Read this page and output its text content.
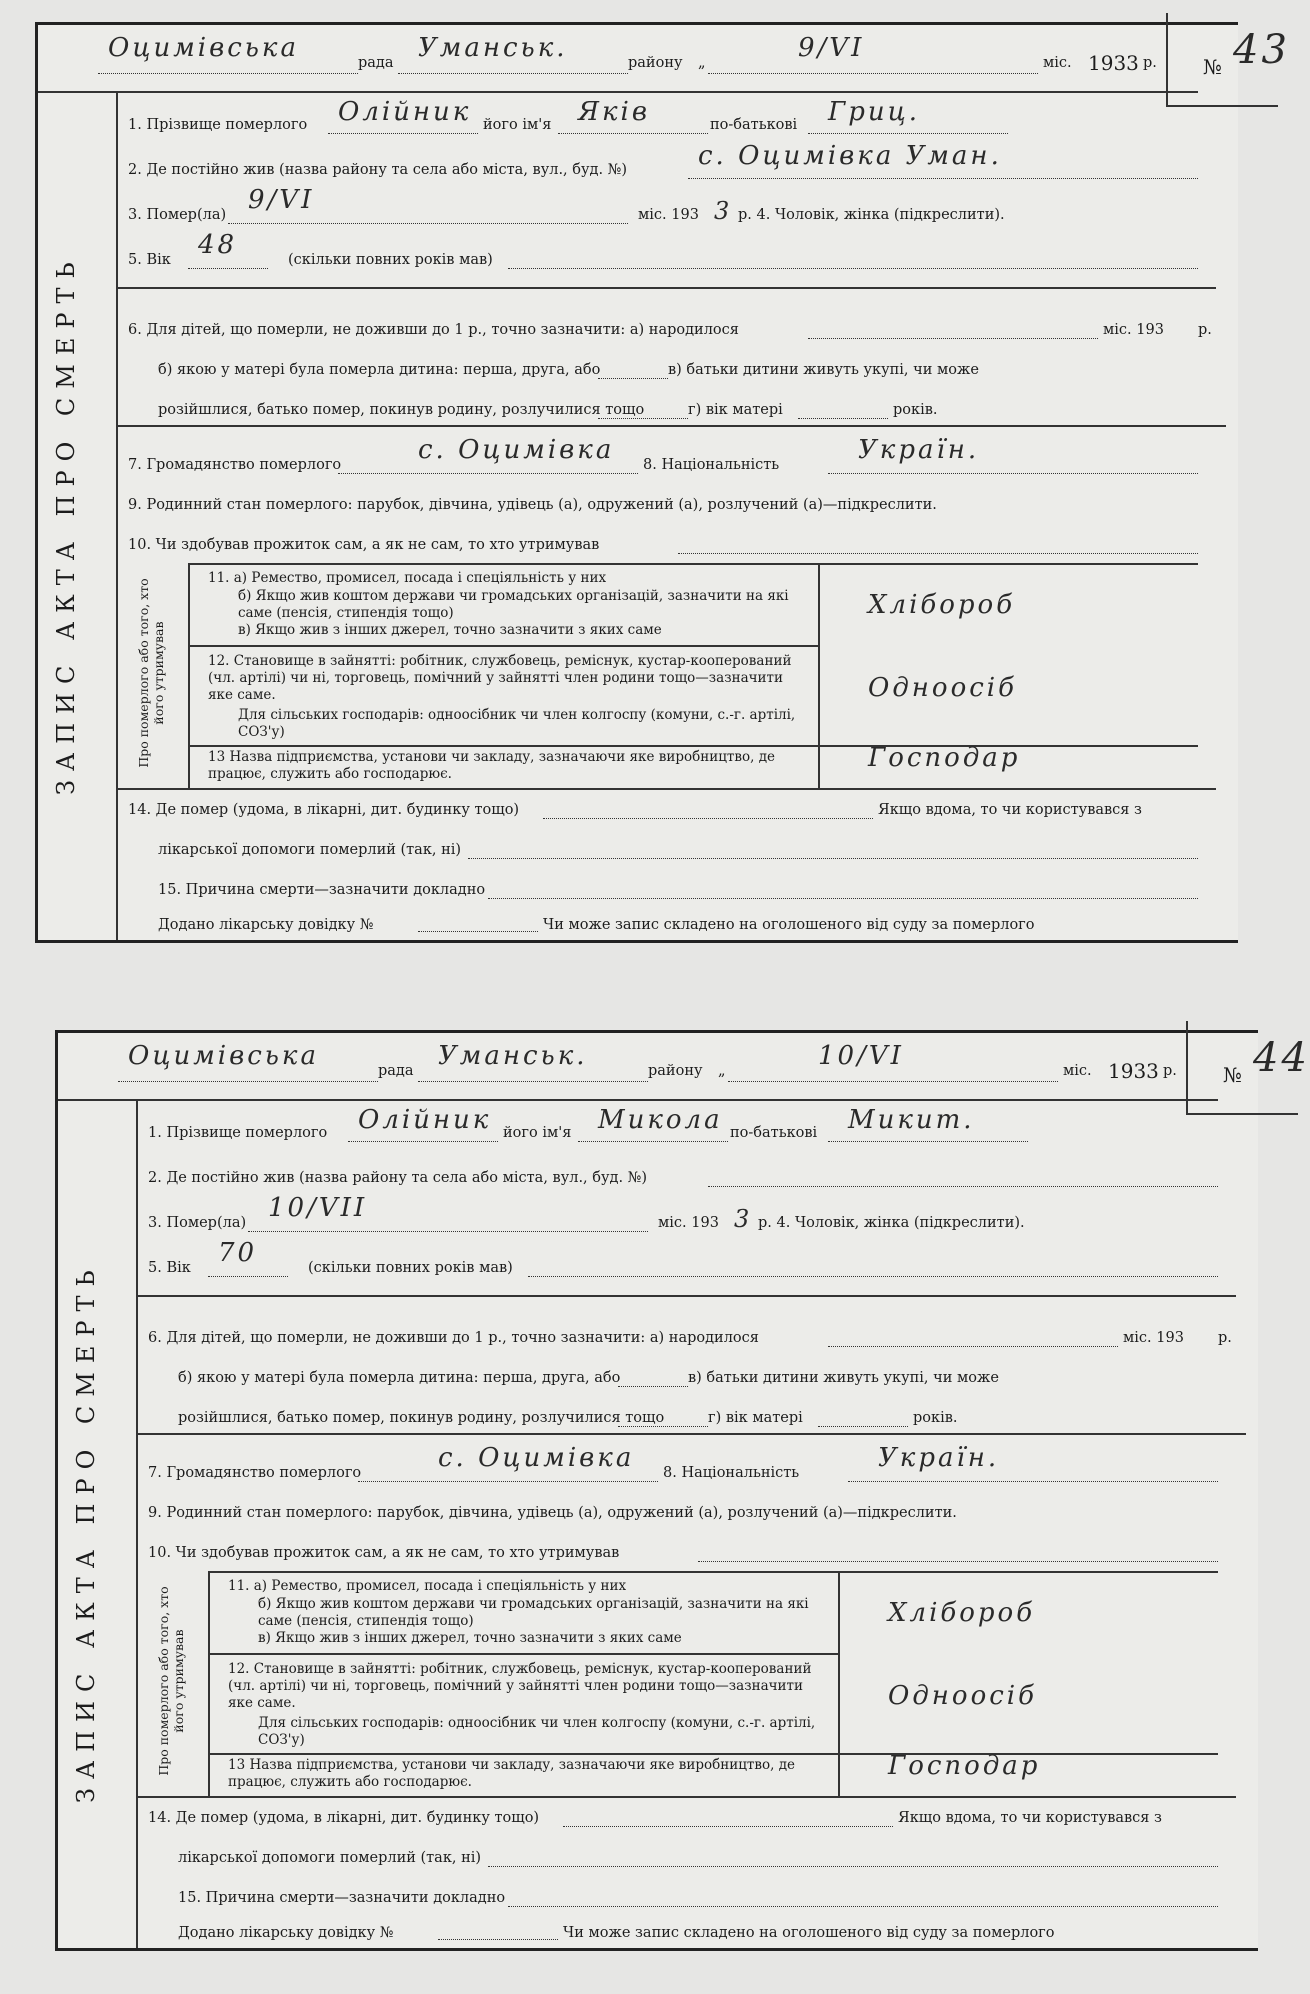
Оцимівська	рада Уманськ.	району „	9/VI	міс. 1933 р. № 43
ЗАПИС АКТА ПРО СМЕРТЬ
1. Прізвище померлого Олійник його ім'я Яків	по-батькові Гриц.
2. Де постійно жив (назва району та села або міста, вул., буд. №)	с. Оцимівка Уман.
3. Помер(ла) 9/VI	міс. 193 3 р. 4. Чоловік, жінка (підкреслити).
5. Вік 48	(скільки повних років мав)
6. Для дітей, що померли, не доживши до 1 р., точно зазначити: а) народилося	міс. 193 р.
б) якою у матері була померла дитина: перша, друга, або	в) батьки дитини живуть укупі, чи може
розійшлися, батько помер, покинув родину, розлучилися тощо	г) вік матері	років.
7. Громадянство померлого	с. Оцимівка 8. Національність	Україн.
9. Родинний стан померлого: парубок, дівчина, удівець (а), одружений (а), розлучений (а)—підкреслити.
10. Чи здобував прожиток сам, а як не сам, то хто утримував
Про померлого або того, хто його утримував
11. а) Ремество, промисел, посада і спеціяльність у них
б) Якщо жив коштом держави чи громадських організацій, зазначити на які саме (пенсія, стипендія тощо)
в) Якщо жив з інших джерел, точно зазначити з яких саме
Хлібороб
12. Становище в зайнятті: робітник, службовець, реміснук, кустар-кооперований (чл. артілі) чи ні, торговець, помічний у зайнятті член родини тощо—зазначити яке саме.
Для сільських господарів: одноосібник чи член колгоспу (комуни, с.-г. артілі, СОЗ'у)
Одноосіб
13 Назва підприємства, установи чи закладу, зазначаючи яке виробництво, де працює, служить або господарює.
Господар
14. Де помер (удома, в лікарні, дит. будинку тощо)	Якщо вдома, то чи користувався з
лікарської допомоги померлий (так, ні)
15. Причина смерти—зазначити докладно
Додано лікарську довідку №	Чи може запис складено на оголошеного від суду за померлого
Оцимівська	рада Уманськ.	району „	10/VI	міс. 1933 р. № 44
ЗАПИС АКТА ПРО СМЕРТЬ
1. Прізвище померлого Олійник його ім'я Микола по-батькові Микит.
2. Де постійно жив (назва району та села або міста, вул., буд. №)
3. Помер(ла) 10/VII	міс. 193 3 р. 4. Чоловік, жінка (підкреслити).
5. Вік 70	(скільки повних років мав)
6. Для дітей, що померли, не доживши до 1 р., точно зазначити: а) народилося	міс. 193 р.
б) якою у матері була померла дитина: перша, друга, або	в) батьки дитини живуть укупі, чи може
розійшлися, батько помер, покинув родину, розлучилися тощо	г) вік матері	років.
7. Громадянство померлого	с. Оцимівка 8. Національність	Україн.
9. Родинний стан померлого: парубок, дівчина, удівець (а), одружений (а), розлучений (а)—підкреслити.
10. Чи здобував прожиток сам, а як не сам, то хто утримував
Про померлого або того, хто його утримував
11. а) Ремество, промисел, посада і спеціяльність у них
б) Якщо жив коштом держави чи громадських організацій, зазначити на які саме (пенсія, стипендія тощо)
в) Якщо жив з інших джерел, точно зазначити з яких саме
Хлібороб
12. Становище в зайнятті: робітник, службовець, реміснук, кустар-кооперований (чл. артілі) чи ні, торговець, помічний у зайнятті член родини тощо—зазначити яке саме.
Для сільських господарів: одноосібник чи член колгоспу (комуни, с.-г. артілі, СОЗ'у)
Одноосіб
13 Назва підприємства, установи чи закладу, зазначаючи яке виробництво, де працює, служить або господарює.
Господар
14. Де помер (удома, в лікарні, дит. будинку тощо)	Якщо вдома, то чи користувався з
лікарської допомоги померлий (так, ні)
15. Причина смерти—зазначити докладно
Додано лікарську довідку №	Чи може запис складено на оголошеного від суду за померлого
